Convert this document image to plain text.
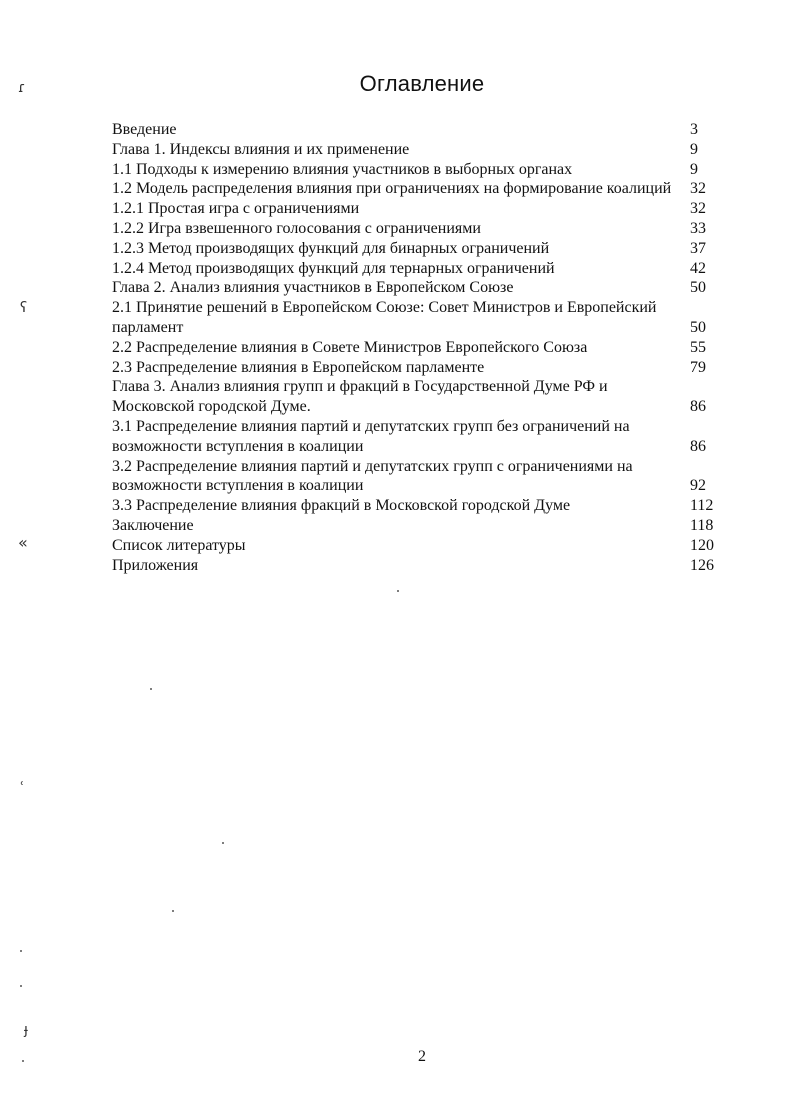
Оглавление
Введение	3
Глава 1. Индексы влияния и их применение	9
1.1 Подходы к измерению влияния участников в выборных органах	9
1.2 Модель распределения влияния при ограничениях на формирование коалиций	32
1.2.1 Простая игра с ограничениями	32
1.2.2 Игра взвешенного голосования с ограничениями	33
1.2.3 Метод производящих функций для бинарных ограничений	37
1.2.4 Метод производящих функций для тернарных ограничений	42
Глава 2. Анализ влияния участников в Европейском Союзе	50
2.1 Принятие решений в Европейском Союзе: Совет Министров и Европейский парламент	50
2.2 Распределение влияния в Совете Министров Европейского Союза	55
2.3 Распределение влияния в Европейском парламенте	79
Глава 3. Анализ влияния групп и фракций в Государственной Думе РФ и Московской городской Думе.	86
3.1 Распределение влияния партий и депутатских групп без ограничений на возможности вступления в коалиции	86
3.2 Распределение влияния партий и депутатских групп с ограничениями на возможности вступления в коалиции	92
3.3 Распределение влияния фракций в Московской городской Думе	112
Заключение	118
Список литературы	120
Приложения	126
2
ɾ
ʕ
«
ʿ
ɟ
